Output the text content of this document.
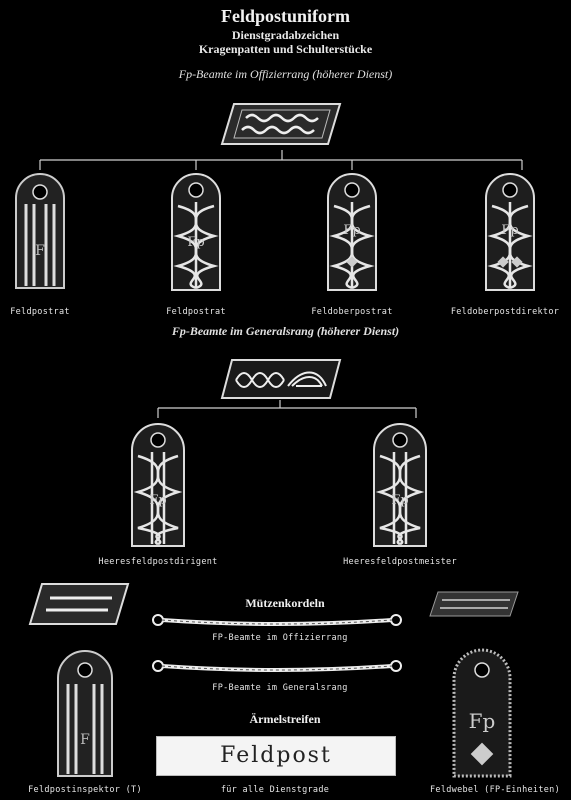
Feldpostuniform
Dienstgradabzeichen
Kragenpatten und Schulterstücke
Fp-Beamte im Offizierrang (höherer Dienst)
F
Feldpostrat
Fp
Feldpostrat
Fp
Feldoberpostrat
Fp
Feldoberpostdirektor
Fp-Beamte im Generalsrang (höherer Dienst)
Fp
Heeresfeldpostdirigent
Fp
Heeresfeldpostmeister
Mützenkordeln
FP-Beamte im Offizierrang
FP-Beamte im Generalsrang
Ärmelstreifen
Feldpost
für alle Dienstgrade
F
Feldpostinspektor (T)
Fp
Feldwebel (FP-Einheiten)
